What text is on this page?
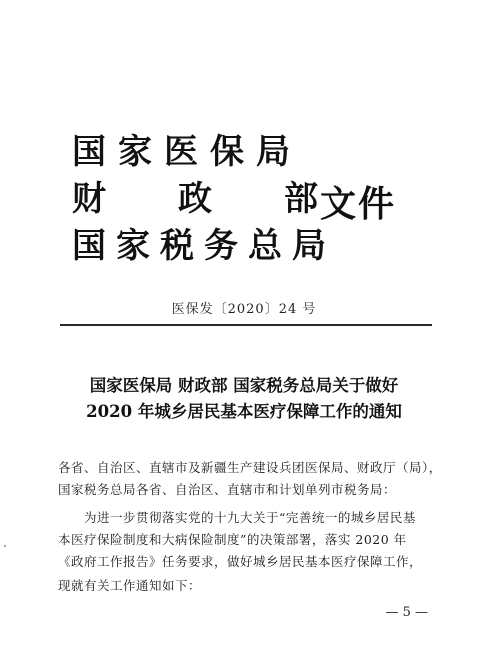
国 家 医 保 局
财 政 部
国 家 税 务 总 局
文件
医保发〔2020〕24 号
国家医保局 财政部 国家税务总局关于做好
2020 年城乡居民基本医疗保障工作的通知
各省、自治区、直辖市及新疆生产建设兵团医保局、财政厅（局），
国家税务总局各省、自治区、直辖市和计划单列市税务局：
为进一步贯彻落实党的十九大关于“完善统一的城乡居民基
本医疗保险制度和大病保险制度”的决策部署，落实 2020 年
《政府工作报告》任务要求，做好城乡居民基本医疗保障工作，
现就有关工作通知如下：
— 5 —
